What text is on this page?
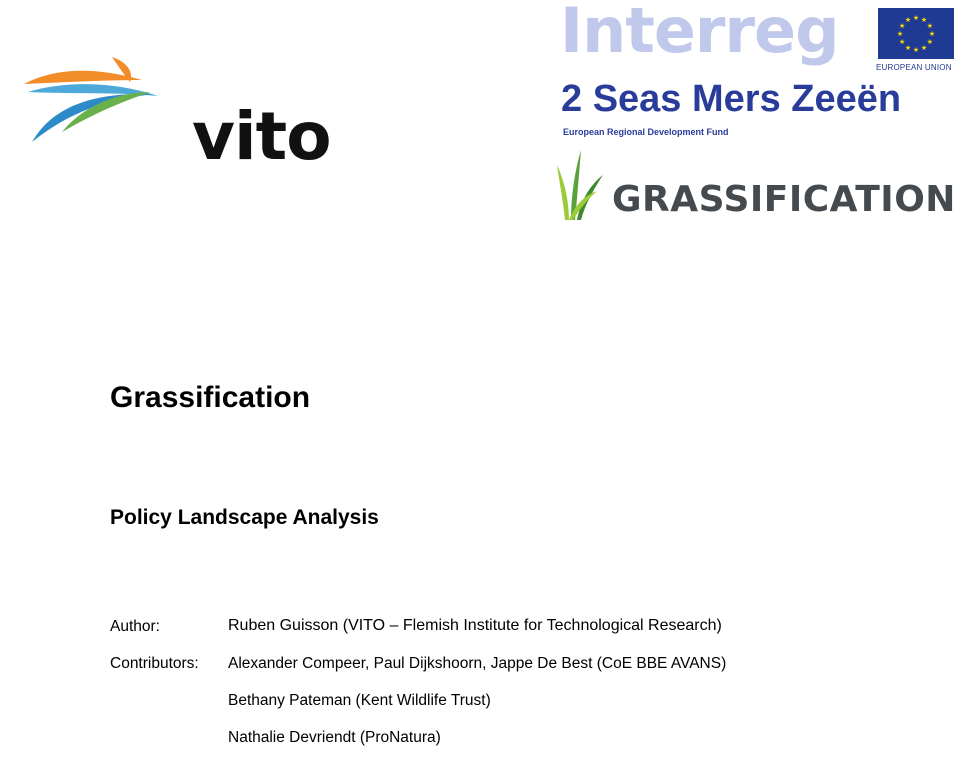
vito
Interreg	★
★
★
★
★
★
★
★
★ ★ ★
★
EUROPEAN UNION
2 Seas Mers Zeeën
European Regional Development Fund
GRASSIFICATION
Grassification
Policy Landscape Analysis
Author:	Ruben Guisson (VITO – Flemish Institute for Technological Research)
Contributors: Alexander Compeer, Paul Dijkshoorn, Jappe De Best (CoE BBE AVANS)
Bethany Pateman (Kent Wildlife Trust)
Nathalie Devriendt (ProNatura)
